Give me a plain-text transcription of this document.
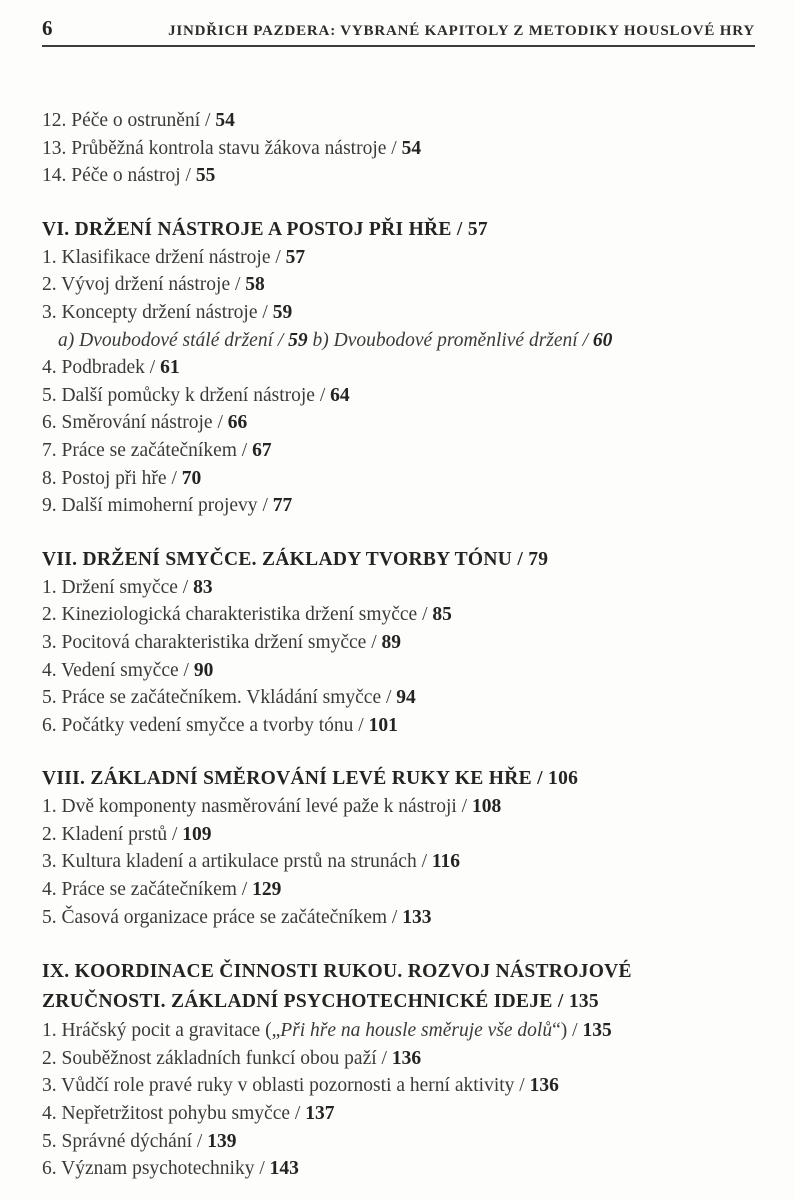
6	JINDŘICH PAZDERA: VYBRANÉ KAPITOLY Z METODIKY HOUSLOVÉ HRY

12. Péče o ostrunění / 54

13. Průběžná kontrola stavu žákova nástroje / 54

14. Péče o nástroj / 55

VI. DRŽENÍ NÁSTROJE A POSTOJ PŘI HŘE / 57

1. Klasifikace držení nástroje / 57

2. Vývoj držení nástroje / 58

3. Koncepty držení nástroje / 59

a) Dvoubodové stálé držení / 59 b) Dvoubodové proměnlivé držení / 60

4. Podbradek / 61

5. Další pomůcky k držení nástroje / 64

6. Směrování nástroje / 66

7. Práce se začátečníkem / 67

8. Postoj při hře / 70

9. Další mimoherní projevy / 77

VII. DRŽENÍ SMYČCE. ZÁKLADY TVORBY TÓNU / 79

1. Držení smyčce / 83

2. Kineziologická charakteristika držení smyčce / 85

3. Pocitová charakteristika držení smyčce / 89

4. Vedení smyčce / 90

5. Práce se začátečníkem. Vkládání smyčce / 94

6. Počátky vedení smyčce a tvorby tónu / 101

VIII. ZÁKLADNÍ SMĚROVÁNÍ LEVÉ RUKY KE HŘE / 106

1. Dvě komponenty nasměrování levé paže k nástroji / 108

2. Kladení prstů / 109

3. Kultura kladení a artikulace prstů na strunách / 116

4. Práce se začátečníkem / 129

5. Časová organizace práce se začátečníkem / 133

IX. KOORDINACE ČINNOSTI RUKOU. ROZVOJ NÁSTROJOVÉ
ZRUČNOSTI. ZÁKLADNÍ PSYCHOTECHNICKÉ IDEJE / 135

1. Hráčský pocit a gravitace („Při hře na housle směruje vše dolů“) / 135

2. Souběžnost základních funkcí obou paží / 136

3. Vůdčí role pravé ruky v oblasti pozornosti a herní aktivity / 136

4. Nepřetržitost pohybu smyčce / 137

5. Správné dýchání / 139

6. Význam psychotechniky / 143
